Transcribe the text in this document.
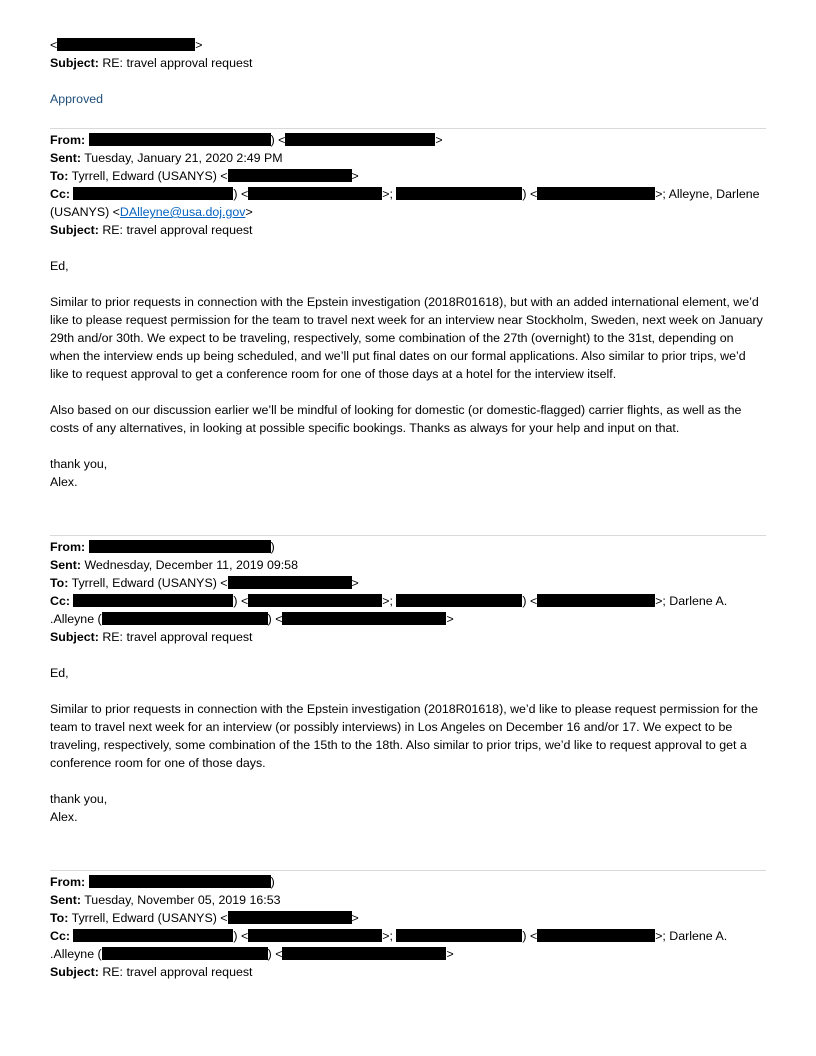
<	>
Subject: RE: travel approval request
Approved
From:	) <	>
Sent: Tuesday, January 21, 2020 2:49 PM
To: Tyrrell, Edward (USANYS) <	>
Cc:	) <	>;	) <	>; Alleyne, Darlene
(USANYS) <DAlleyne@usa.doj.gov>
Subject: RE: travel approval request
Ed,

Similar to prior requests in connection with the Epstein investigation (2018R01618), but with an added international element, we’d like to please request permission for the team to travel next week for an interview near Stockholm, Sweden, next week on January 29th and/or 30th. We expect to be traveling, respectively, some combination of the 27th (overnight) to the 31st, depending on when the interview ends up being scheduled, and we’ll put final dates on our formal applications. Also similar to prior trips, we’d like to request approval to get a conference room for one of those days at a hotel for the interview itself.

Also based on our discussion earlier we’ll be mindful of looking for domestic (or domestic-flagged) carrier flights, as well as the costs of any alternatives, in looking at possible specific bookings. Thanks as always for your help and input on that.

thank you,
Alex.
From:	)
Sent: Wednesday, December 11, 2019 09:58
To: Tyrrell, Edward (USANYS) <	>
Cc:	) <	>;	) <	>; Darlene A.
.Alleyne (	) <	>
Subject: RE: travel approval request
Ed,

Similar to prior requests in connection with the Epstein investigation (2018R01618), we’d like to please request permission for the team to travel next week for an interview (or possibly interviews) in Los Angeles on December 16 and/or 17. We expect to be traveling, respectively, some combination of the 15th to the 18th. Also similar to prior trips, we’d like to request approval to get a conference room for one of those days.

thank you,
Alex.
From:	)
Sent: Tuesday, November 05, 2019 16:53
To: Tyrrell, Edward (USANYS) <	>
Cc:	) <	>;	) <	>; Darlene A.
.Alleyne (	) <	>
Subject: RE: travel approval request
